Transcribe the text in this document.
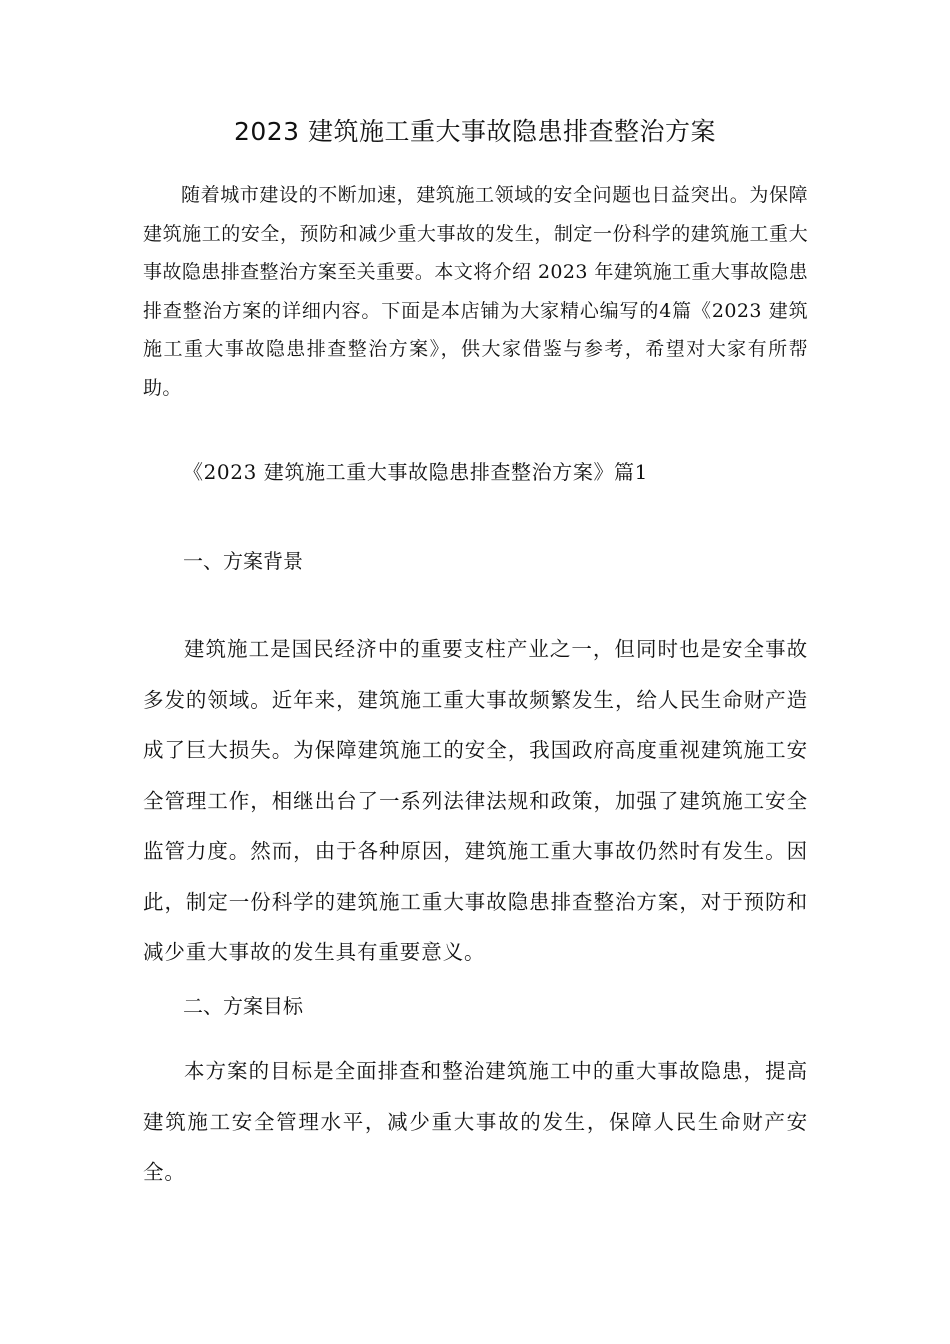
2023 建筑施工重大事故隐患排查整治方案

随着城市建设的不断加速，建筑施工领域的安全问题也日益突出。为保障建筑施工的安全，预防和减少重大事故的发生，制定一份科学的建筑施工重大事故隐患排查整治方案至关重要。本文将介绍 2023 年建筑施工重大事故隐患排查整治方案的详细内容。下面是本店铺为大家精心编写的4篇《2023 建筑施工重大事故隐患排查整治方案》，供大家借鉴与参考，希望对大家有所帮助。

《2023 建筑施工重大事故隐患排查整治方案》篇1

一、方案背景

建筑施工是国民经济中的重要支柱产业之一，但同时也是安全事故多发的领域。近年来，建筑施工重大事故频繁发生，给人民生命财产造成了巨大损失。为保障建筑施工的安全，我国政府高度重视建筑施工安全管理工作，相继出台了一系列法律法规和政策，加强了建筑施工安全监管力度。然而，由于各种原因，建筑施工重大事故仍然时有发生。因此，制定一份科学的建筑施工重大事故隐患排查整治方案，对于预防和减少重大事故的发生具有重要意义。

二、方案目标

本方案的目标是全面排查和整治建筑施工中的重大事故隐患，提高建筑施工安全管理水平，减少重大事故的发生，保障人民生命财产安全。
